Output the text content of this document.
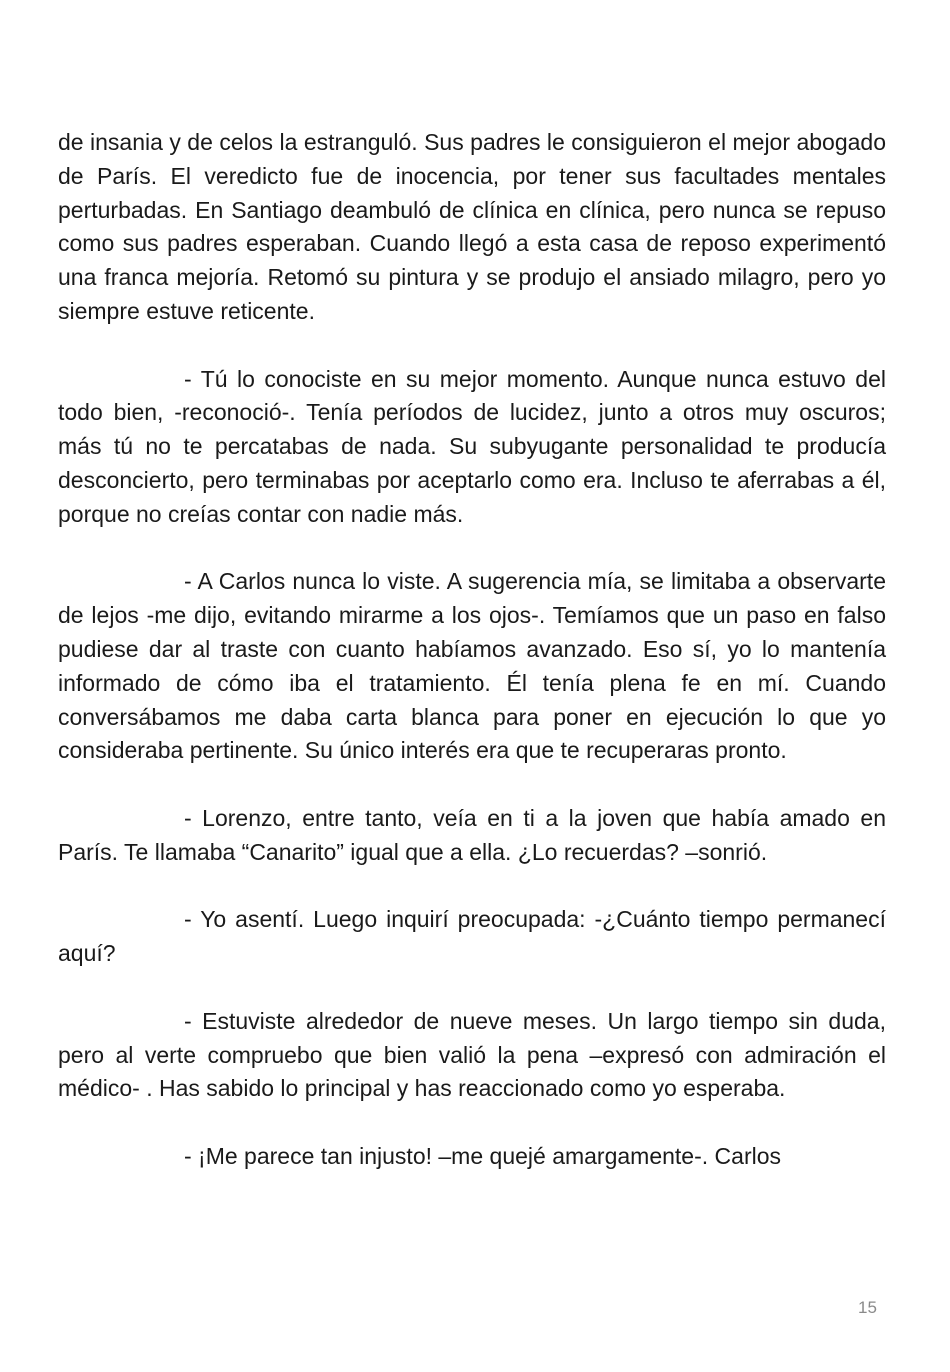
de insania y de celos la estranguló. Sus padres le consiguieron el mejor abogado de París. El veredicto fue de inocencia, por tener sus facultades mentales perturbadas. En Santiago deambuló de clínica en clínica, pero nunca se repuso como sus padres esperaban. Cuando llegó a esta casa de reposo experimentó una franca mejoría. Retomó su pintura y se produjo el ansiado milagro, pero yo siempre estuve reticente.

- Tú lo conociste en su mejor momento. Aunque nunca estuvo del todo bien, -reconoció-. Tenía períodos de lucidez, junto a otros muy oscuros; más tú no te percatabas de nada. Su subyugante personalidad te producía desconcierto, pero terminabas por aceptarlo como era. Incluso te aferrabas a él, porque no creías contar con nadie más.

- A Carlos nunca lo viste. A sugerencia mía, se limitaba a observarte de lejos -me dijo, evitando mirarme a los ojos-. Temíamos que un paso en falso pudiese dar al traste con cuanto habíamos avanzado. Eso sí, yo lo mantenía informado de cómo iba el tratamiento. Él tenía plena fe en mí. Cuando conversábamos me daba carta blanca para poner en ejecución lo que yo consideraba pertinente. Su único interés era que te recuperaras pronto.

- Lorenzo, entre tanto, veía en ti a la joven que había amado en París. Te llamaba “Canarito” igual que a ella. ¿Lo recuerdas? –sonrió.

- Yo asentí. Luego inquirí preocupada: -¿Cuánto tiempo permanecí aquí?

- Estuviste alrededor de nueve meses. Un largo tiempo sin duda, pero al verte compruebo que bien valió la pena –expresó con admiración el médico- . Has sabido lo principal y has reaccionado como yo esperaba.

- ¡Me parece tan injusto! –me quejé amargamente-. Carlos

15
